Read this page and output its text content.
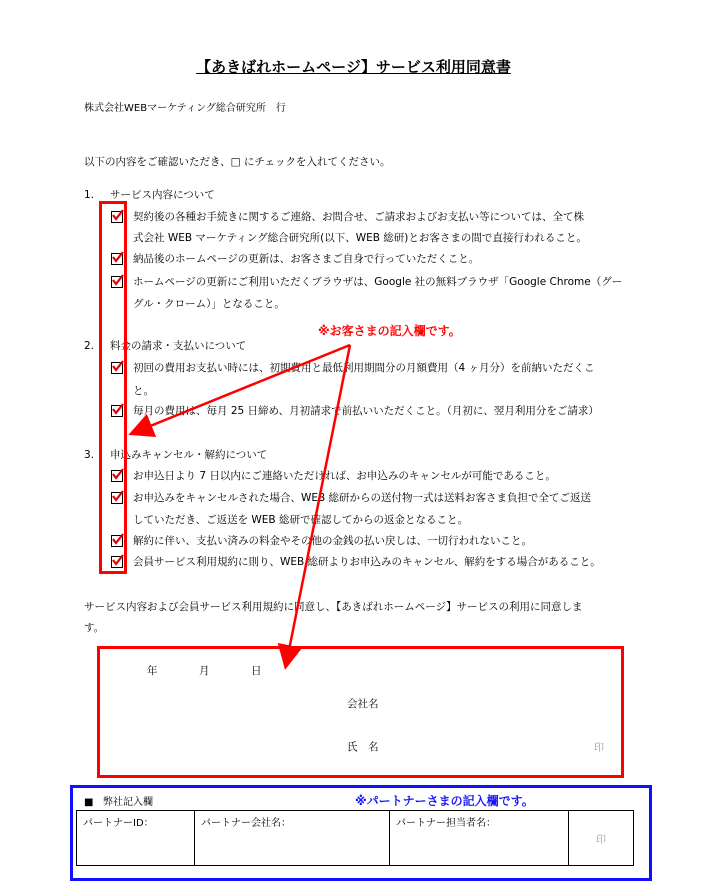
【あきばれホームページ】サービス利用同意書
株式会社WEBマーケティング総合研究所　行
以下の内容をご確認いただき、□ にチェックを入れてください。
1. サービス内容について
契約後の各種お手続きに関するご連絡、お問合せ、ご請求およびお支払い等については、全て株
式会社 WEB マーケティング総合研究所(以下、WEB 総研)とお客さまの間で直接行われること。
納品後のホームページの更新は、お客さまご自身で行っていただくこと。
ホームページの更新にご利用いただくブラウザは、Google 社の無料ブラウザ「Google Chrome（グー
グル・クローム）」となること。
2. 料金の請求・支払いについて
初回の費用お支払い時には、初期費用と最低利用期間分の月額費用（4 ヶ月分）を前納いただくこ
と。
毎月の費用は、毎月 25 日締め、月初請求で前払いいただくこと。（月初に、翌月利用分をご請求）
3. 申込みキャンセル・解約について
お申込日より 7 日以内にご連絡いただければ、お申込みのキャンセルが可能であること。
お申込みをキャンセルされた場合、WEB 総研からの送付物一式は送料お客さま負担で全てご返送
していただき、ご返送を WEB 総研で確認してからの返金となること。
解約に伴い、支払い済みの料金やその他の金銭の払い戻しは、一切行われないこと。
会員サービス利用規約に則り、WEB 総研よりお申込みのキャンセル、解約をする場合があること。
※お客さまの記入欄です。
サービス内容および会員サービス利用規約に同意し、【あきばれホームページ】サービスの利用に同意しま
す。
年	月	日
会社名
氏　名	印
■ 弊社記入欄	※パートナーさまの記入欄です。
パートナーID：	パートナー会社名：	パートナー担当者名：	印
